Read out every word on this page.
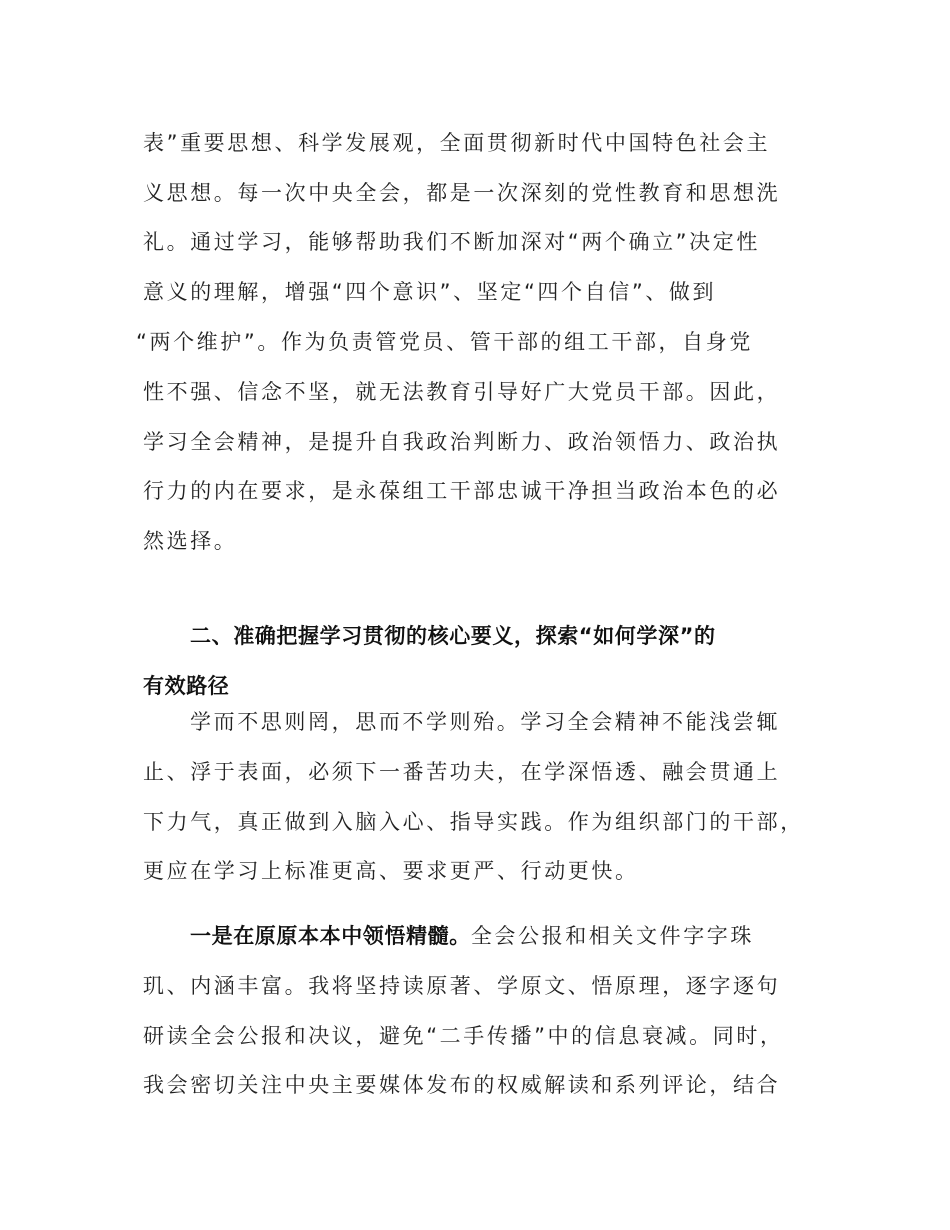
表”重要思想、科学发展观，全面贯彻新时代中国特色社会主
义思想。每一次中央全会，都是一次深刻的党性教育和思想洗
礼。通过学习，能够帮助我们不断加深对“两个确立”决定性
意义的理解，增强“四个意识”、坚定“四个自信”、做到
“两个维护”。作为负责管党员、管干部的组工干部，自身党
性不强、信念不坚，就无法教育引导好广大党员干部。因此，
学习全会精神，是提升自我政治判断力、政治领悟力、政治执
行力的内在要求，是永葆组工干部忠诚干净担当政治本色的必
然选择。
二、准确把握学习贯彻的核心要义，探索“如何学深”的
有效路径
学而不思则罔，思而不学则殆。学习全会精神不能浅尝辄
止、浮于表面，必须下一番苦功夫，在学深悟透、融会贯通上
下力气，真正做到入脑入心、指导实践。作为组织部门的干部，
更应在学习上标准更高、要求更严、行动更快。
一是在原原本本中领悟精髓。全会公报和相关文件字字珠
玑、内涵丰富。我将坚持读原著、学原文、悟原理，逐字逐句
研读全会公报和决议，避免“二手传播”中的信息衰减。同时，
我会密切关注中央主要媒体发布的权威解读和系列评论，结合
